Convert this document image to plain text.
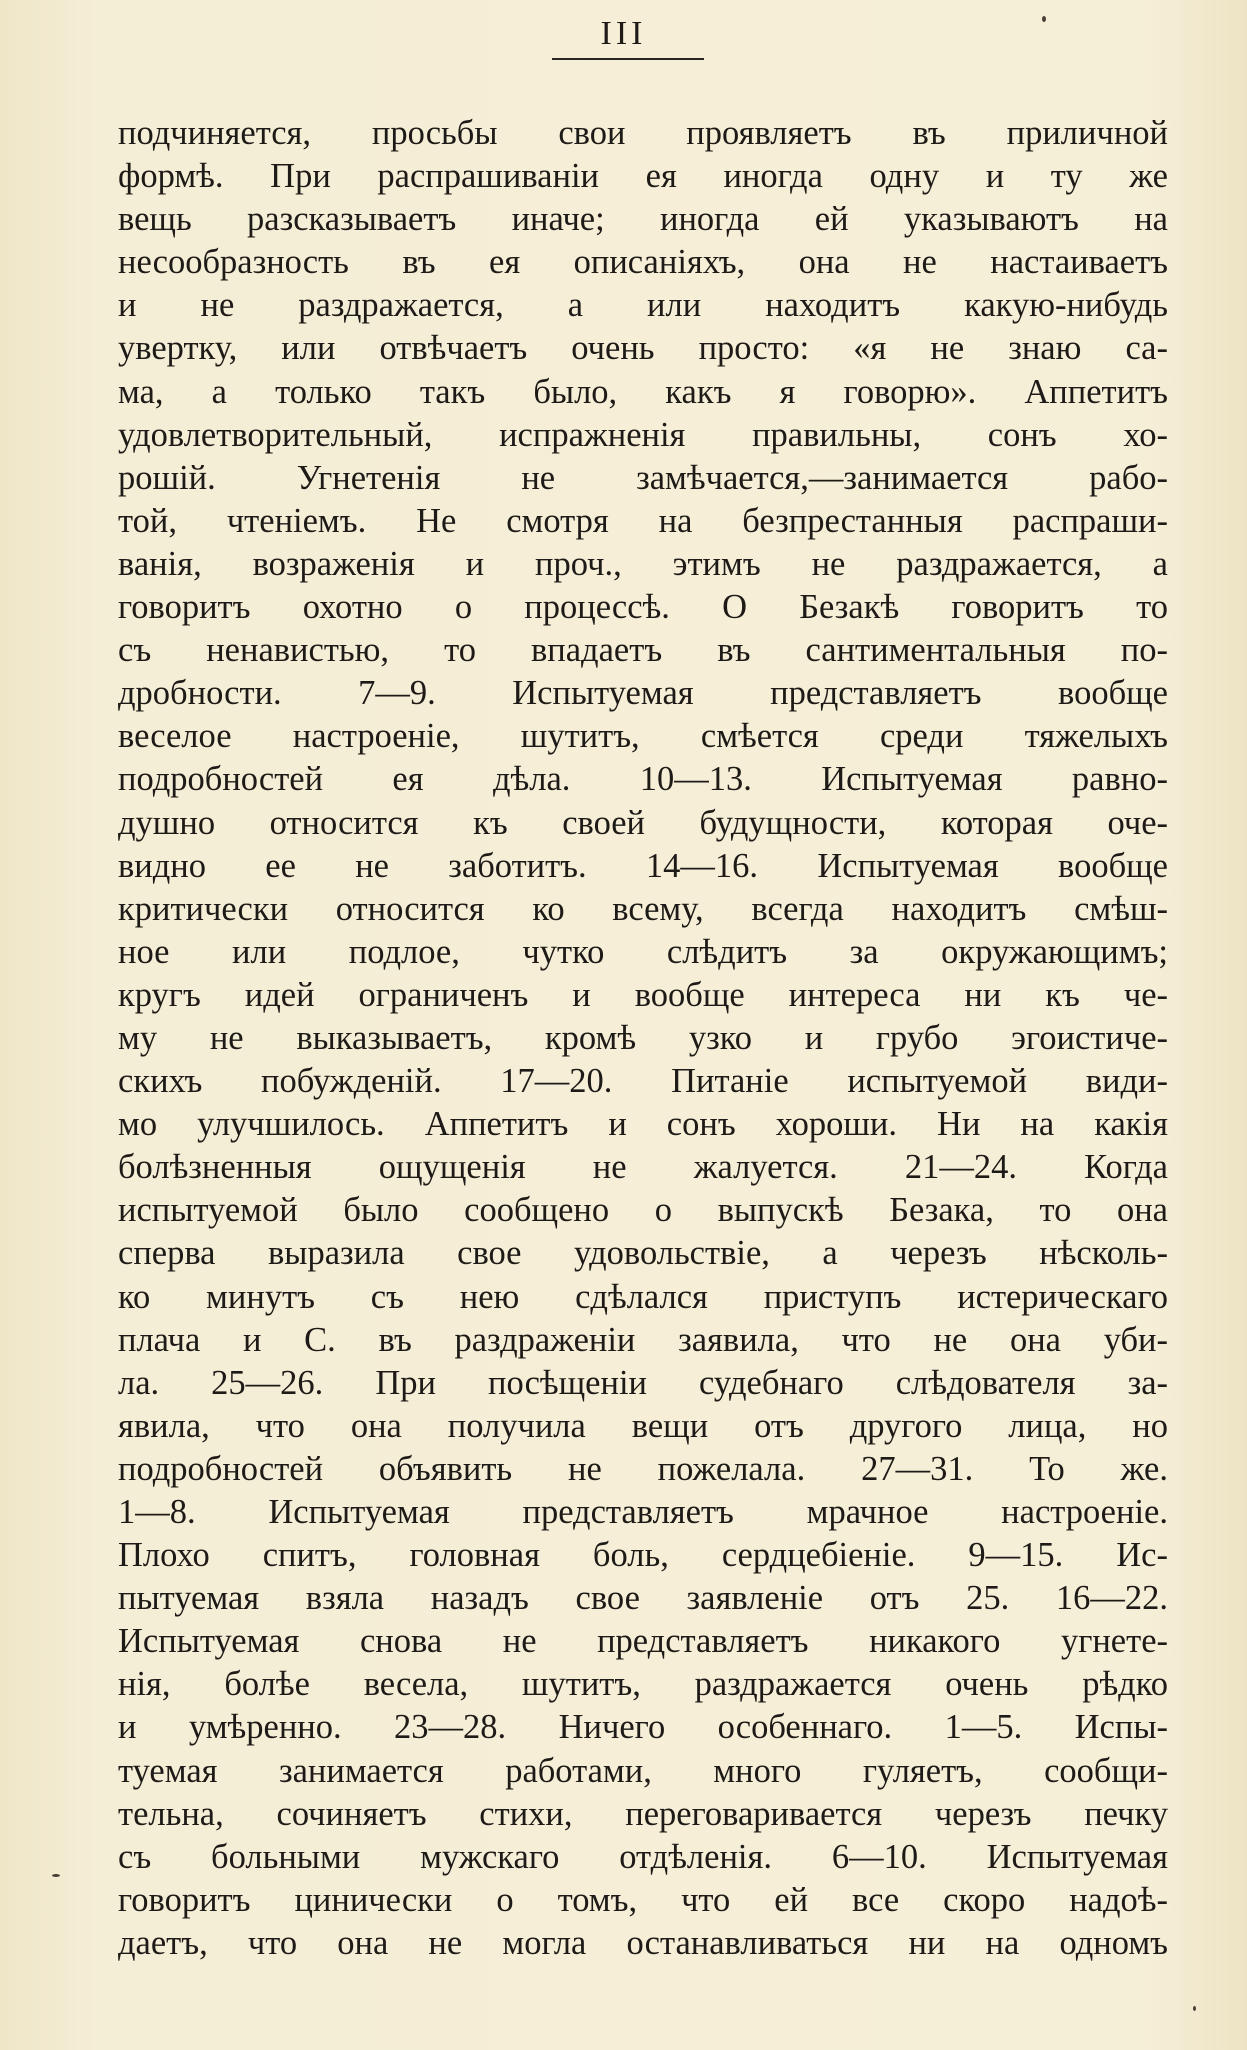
III
подчиняется, просьбы свои проявляетъ въ приличной
формѣ. При распрашиванiи ея иногда одну и ту же
вещь разсказываетъ иначе; иногда ей указываютъ на
несообразность въ ея описанiяхъ, она не настаиваетъ
и не раздражается, а или находитъ какую-нибудь
увертку, или отвѣчаетъ очень просто: «я не знаю са-
ма, а только такъ было, какъ я говорю». Аппетитъ
удовлетворительный, испражненiя правильны, сонъ хо-
рошiй. Угнетенiя не замѣчается,—занимается рабо-
той, чтенiемъ. Не смотря на безпрестанныя распраши-
ванiя, возраженiя и проч., этимъ не раздражается, а
говоритъ охотно о процессѣ. О Безакѣ говоритъ то
съ ненавистью, то впадаетъ въ сантиментальныя по-
дробности. 7—9. Испытуемая представляетъ вообще
веселое настроенiе, шутитъ, смѣется среди тяжелыхъ
подробностей ея дѣла. 10—13. Испытуемая равно-
душно относится къ своей будущности, которая оче-
видно ее не заботитъ. 14—16. Испытуемая вообще
критически относится ко всему, всегда находитъ смѣш-
ное или подлое, чутко слѣдитъ за окружающимъ;
кругъ идей ограниченъ и вообще интереса ни къ че-
му не выказываетъ, кромѣ узко и грубо эгоистиче-
скихъ побужденiй. 17—20. Питанiе испытуемой види-
мо улучшилось. Аппетитъ и сонъ хороши. Ни на какiя
болѣзненныя ощущенiя не жалуется. 21—24. Когда
испытуемой было сообщено о выпускѣ Безака, то она
сперва выразила свое удовольствiе, а черезъ нѣсколь-
ко минутъ съ нею сдѣлался приступъ истерическаго
плача и С. въ раздраженiи заявила, что не она уби-
ла. 25—26. При посѣщенiи судебнаго слѣдователя за-
явила, что она получила вещи отъ другого лица, но
подробностей объявить не пожелала. 27—31. То же.
1—8. Испытуемая представляетъ мрачное настроенiе.
Плохо спитъ, головная боль, сердцебiенiе. 9—15. Ис-
пытуемая взяла назадъ свое заявленiе отъ 25. 16—22.
Испытуемая снова не представляетъ никакого угнете-
нiя, болѣе весела, шутитъ, раздражается очень рѣдко
и умѣренно. 23—28. Ничего особеннаго. 1—5. Испы-
туемая занимается работами, много гуляетъ, сообщи-
тельна, сочиняетъ стихи, переговаривается черезъ печку
съ больными мужскаго отдѣленiя. 6—10. Испытуемая
говоритъ цинически о томъ, что ей все скоро надоѣ-
даетъ, что она не могла останавливаться ни на одномъ
